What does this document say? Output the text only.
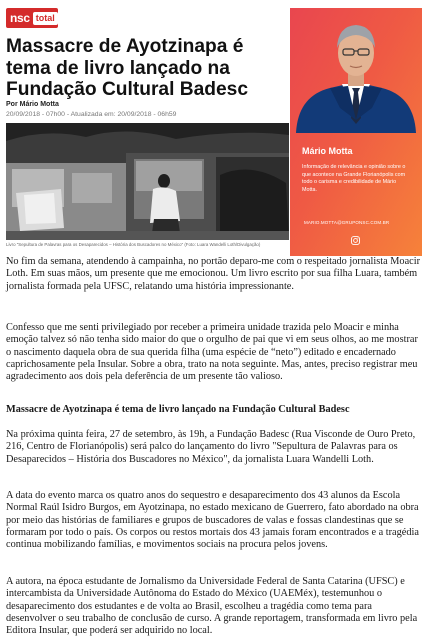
nsc total
Massacre de Ayotzinapa é tema de livro lançado na Fundação Cultural Badesc
Por Mário Motta
20/09/2018 - 07h00 - Atualizada em: 20/09/2018 - 06h59
Livro "Sepultura de Palavras para os Desaparecidos – História dos Buscadores no México" (Foto: Luara Wandelli Loth/Divulgação)
Mário Motta
Informação de relevância e opinião sobre o que acontece na Grande Florianópolis com todo o carisma e credibilidade de Mário Motta.
MARIO.MOTTA@GRUPONSC.COM.BR

No fim da semana, atendendo à campainha, no portão deparo-me com o respeitado jornalista Moacir Loth. Em suas mãos, um presente que me emocionou. Um livro escrito por sua filha Luara, também jornalista formada pela UFSC, relatando uma história impressionante.

Confesso que me senti privilegiado por receber a primeira unidade trazida pelo Moacir e minha emoção talvez só não tenha sido maior do que o orgulho de pai que vi em seus olhos, ao me mostrar o nascimento daquela obra de sua querida filha (uma espécie de “neto”) editado e encadernado caprichosamente pela Insular. Sobre a obra, trato na nota seguinte. Mas, antes, preciso registrar meu agradecimento aos dois pela deferência de um presente tão valioso.

Massacre de Ayotzinapa é tema de livro lançado na Fundação Cultural Badesc

Na próxima quinta feira, 27 de setembro, às 19h, a Fundação Badesc (Rua Visconde de Ouro Preto, 216, Centro de Florianópolis) será palco do lançamento do livro "Sepultura de Palavras para os Desaparecidos – História dos Buscadores no México", da jornalista Luara Wandelli Loth.

A data do evento marca os quatro anos do sequestro e desaparecimento dos 43 alunos da Escola Normal Raúl Isidro Burgos, em Ayotzinapa, no estado mexicano de Guerrero, fato abordado na obra por meio das histórias de familiares e grupos de buscadores de valas e fossas clandestinas que se formaram por todo o país. Os corpos ou restos mortais dos 43 jamais foram encontrados e a tragédia continua mobilizando famílias, e movimentos sociais na procura pelos jovens.

A autora, na época estudante de Jornalismo da Universidade Federal de Santa Catarina (UFSC) e intercambista da Universidade Autônoma do Estado do México (UAEMéx), testemunhou o desaparecimento dos estudantes e de volta ao Brasil, escolheu a tragédia como tema para desenvolver o seu trabalho de conclusão de curso. A grande reportagem, transformada em livro pela Editora Insular, que poderá ser adquirido no local.
